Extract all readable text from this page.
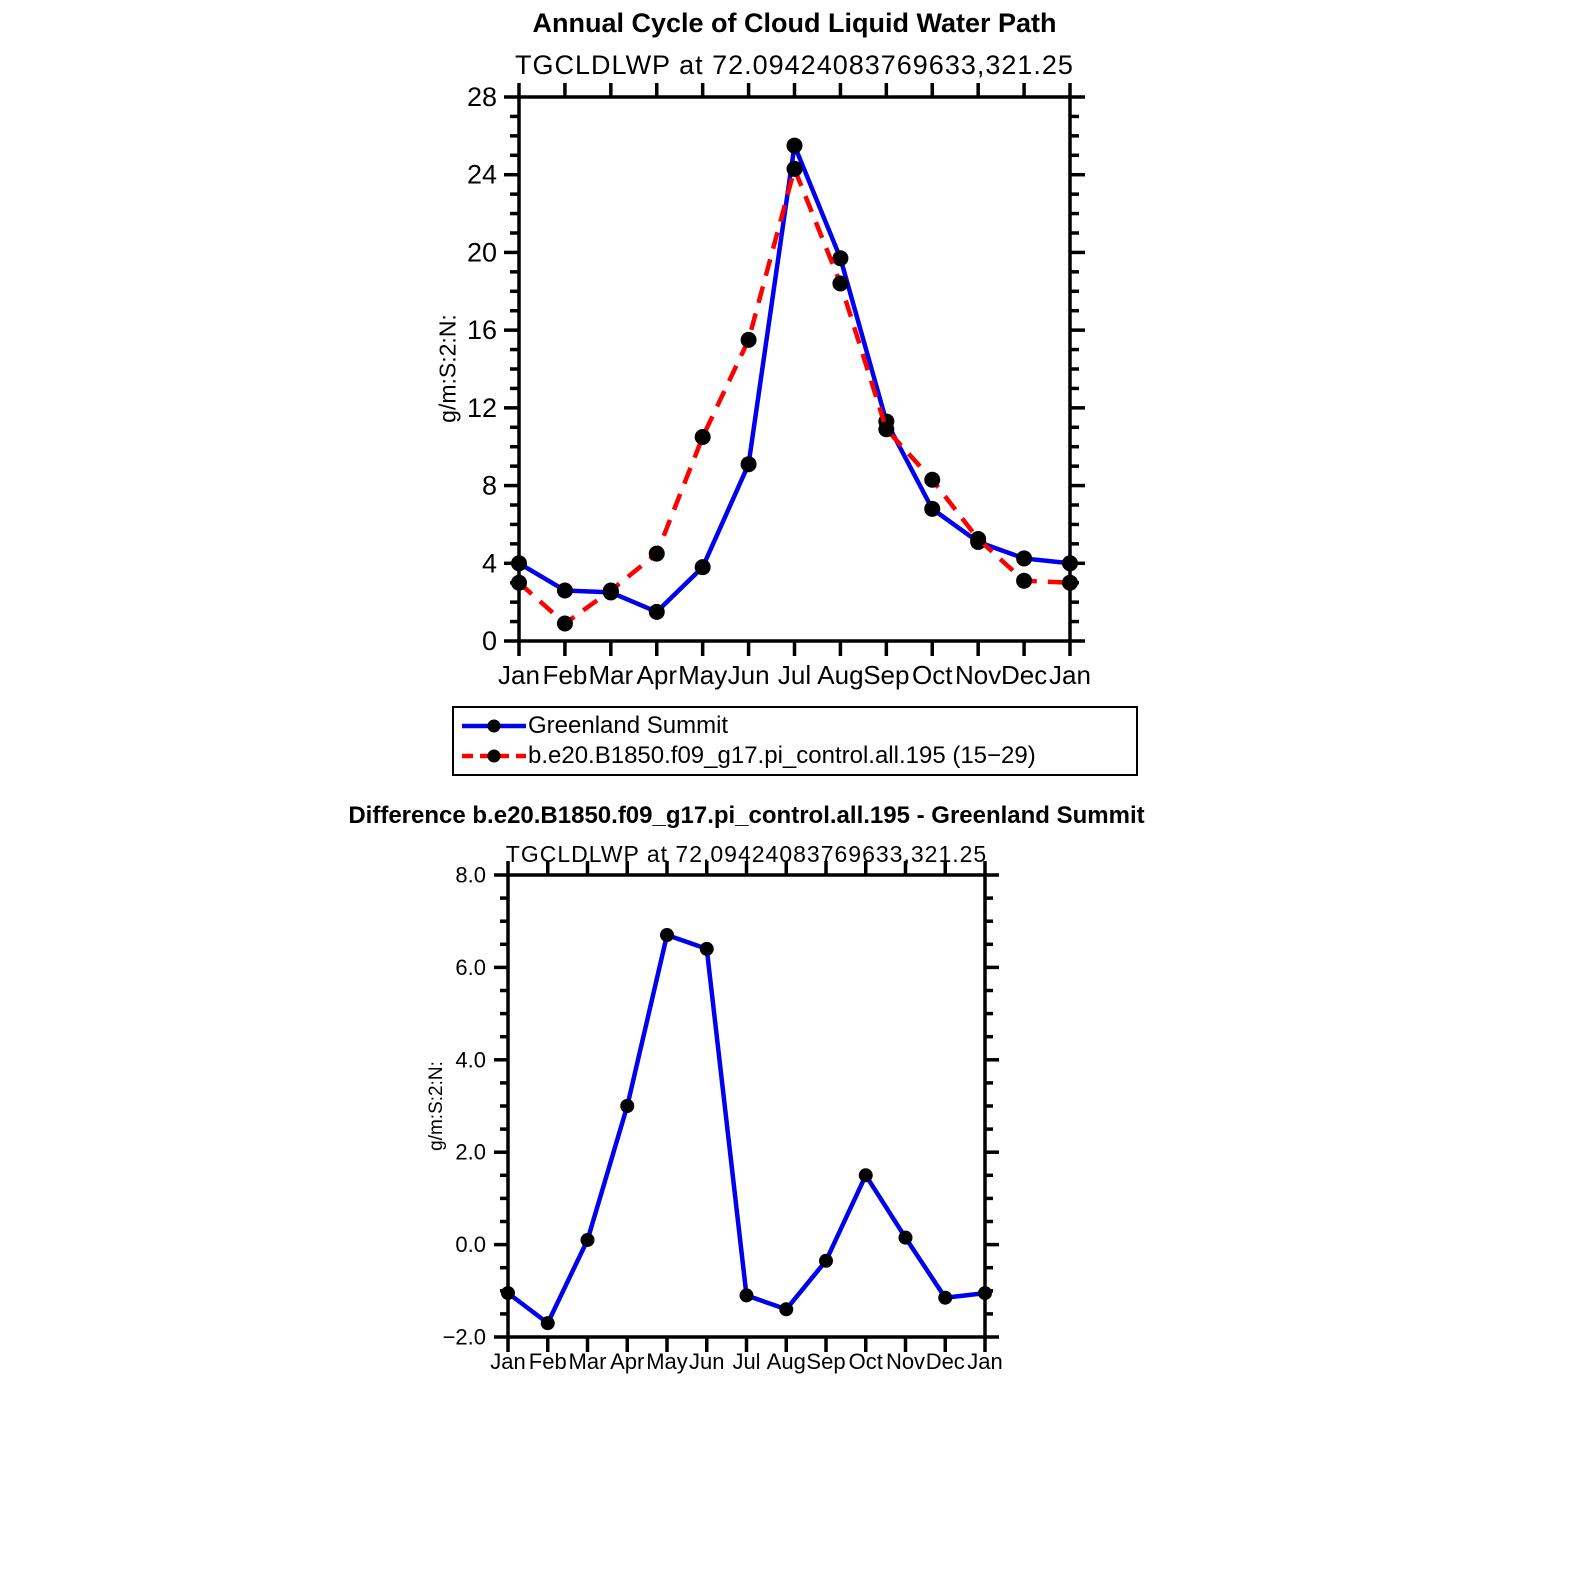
Annual Cycle of Cloud Liquid Water Path
TGCLDLWP at 72.09424083769633,321.25
g/m:S:2:N:
Difference b.e20.B1850.f09_g17.pi_control.all.195 - Greenland Summit
TGCLDLWP at 72.09424083769633,321.25
g/m:S:2:N:
0
4
8
12
16
20
24
28
Jan Feb Mar Apr May Jun Jul Aug Sep Oct Nov Dec Jan
−2.0
0.0
2.0
4.0
6.0
8.0
Jan Feb Mar Apr May Jun Jul Aug Sep Oct Nov Dec Jan
Greenland Summit
b.e20.B1850.f09_g17.pi_control.all.195 (15−29)
